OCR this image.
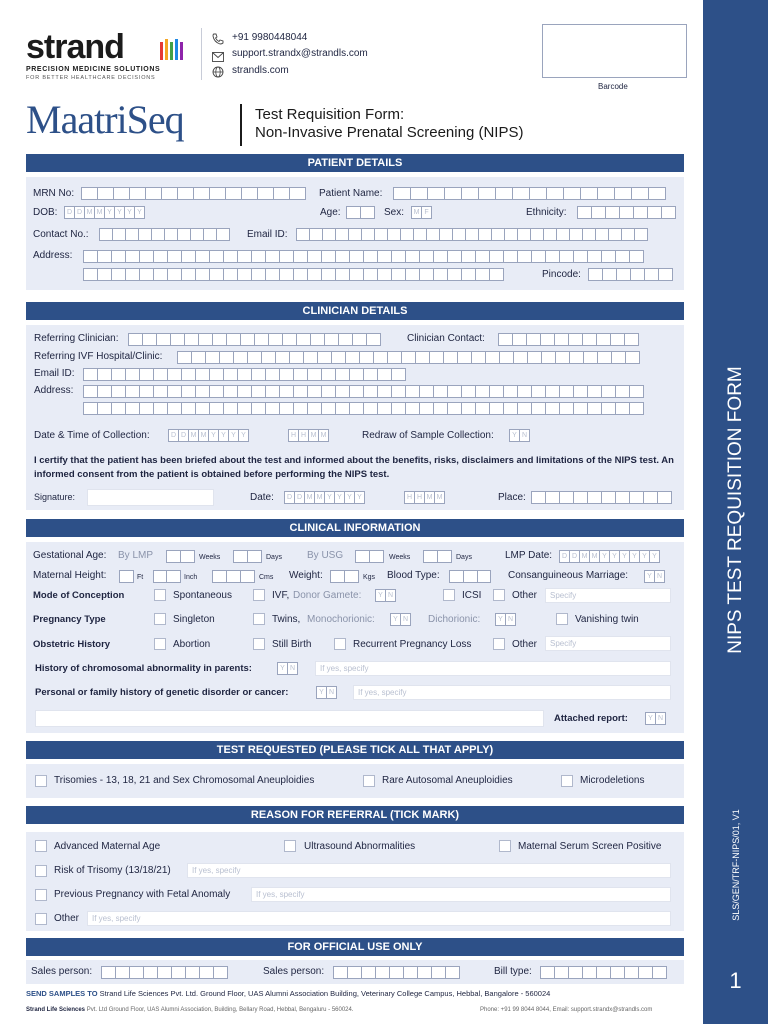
strand
PRECISION MEDICINE SOLUTIONS
FOR BETTER HEALTHCARE DECISIONS
+91 9980448044
support.strandx@strandls.com
strandls.com
Barcode
MaatriSeq	Test Requisition Form:
Non-Invasive Prenatal Screening (NIPS)
PATIENT DETAILS
MRN No:	Patient Name:
DOB:	D D M M Y Y Y Y	Age:	Sex:	M F	Ethnicity:
Contact No.:	Email ID:
Address:
Pincode:
CLINICIAN DETAILS
Referring Clinician:	Clinician Contact:
Referring IVF Hospital/Clinic:
Email ID:
Address:
Date & Time of Collection:	D D M M Y Y Y Y	H H M M	Redraw of Sample Collection:	Y N
I certify that the patient has been briefed about the test and informed about the benefits, risks, disclaimers and limitations of the NIPS test. An informed consent from the patient is obtained before performing the NIPS test.
Signature:	Date:	D D M M Y Y Y Y	H H M M	Place:
CLINICAL INFORMATION
Gestational Age: By LMP	Weeks	Days	By USG	Weeks	Days	LMP Date:	D D M M Y Y Y Y Y Y
Maternal Height:	Ft	Inch	Cms Weight:	Kgs Blood Type:	Consanguineous Marriage:	Y N
Mode of Conception	Spontaneous	IVF, Donor Gamete:	Y N	ICSI	Other	Specify
Pregnancy Type	Singleton	Twins, Monochorionic:	Y N Dichorionic:	Y N	Vanishing twin
Obstetric History	Abortion	Still Birth	Recurrent Pregnancy Loss	Other	Specify
History of chromosomal abnormality in parents:	Y N	If yes, specify
Personal or family history of genetic disorder or cancer:	Y N	If yes, specify
Attached report:	Y N
TEST REQUESTED (PLEASE TICK ALL THAT APPLY)
Trisomies - 13, 18, 21 and Sex Chromosomal Aneuploidies	Rare Autosomal Aneuploidies	Microdeletions
REASON FOR REFERRAL (TICK MARK)
Advanced Maternal Age	Ultrasound Abnormalities	Maternal Serum Screen Positive
Risk of Trisomy (13/18/21)	If yes, specify
Previous Pregnancy with Fetal Anomaly	If yes, specify
Other	If yes, specify
FOR OFFICIAL USE ONLY
Sales person:	Sales person:	Bill type:
SEND SAMPLES TO Strand Life Sciences Pvt. Ltd. Ground Floor, UAS Alumni Association Building, Veterinary College Campus, Hebbal, Bangalore - 560024
Strand Life Sciences Pvt. Ltd Ground Floor, UAS Alumni Association, Building, Bellary Road, Hebbal, Bengaluru - 560024.	Phone: +91 99 8044 8044, Email: support.strandx@strandls.com
NIPS TEST REQUISITION FORM
SLS/GEN/TRF-NIPS/01, V1
1
